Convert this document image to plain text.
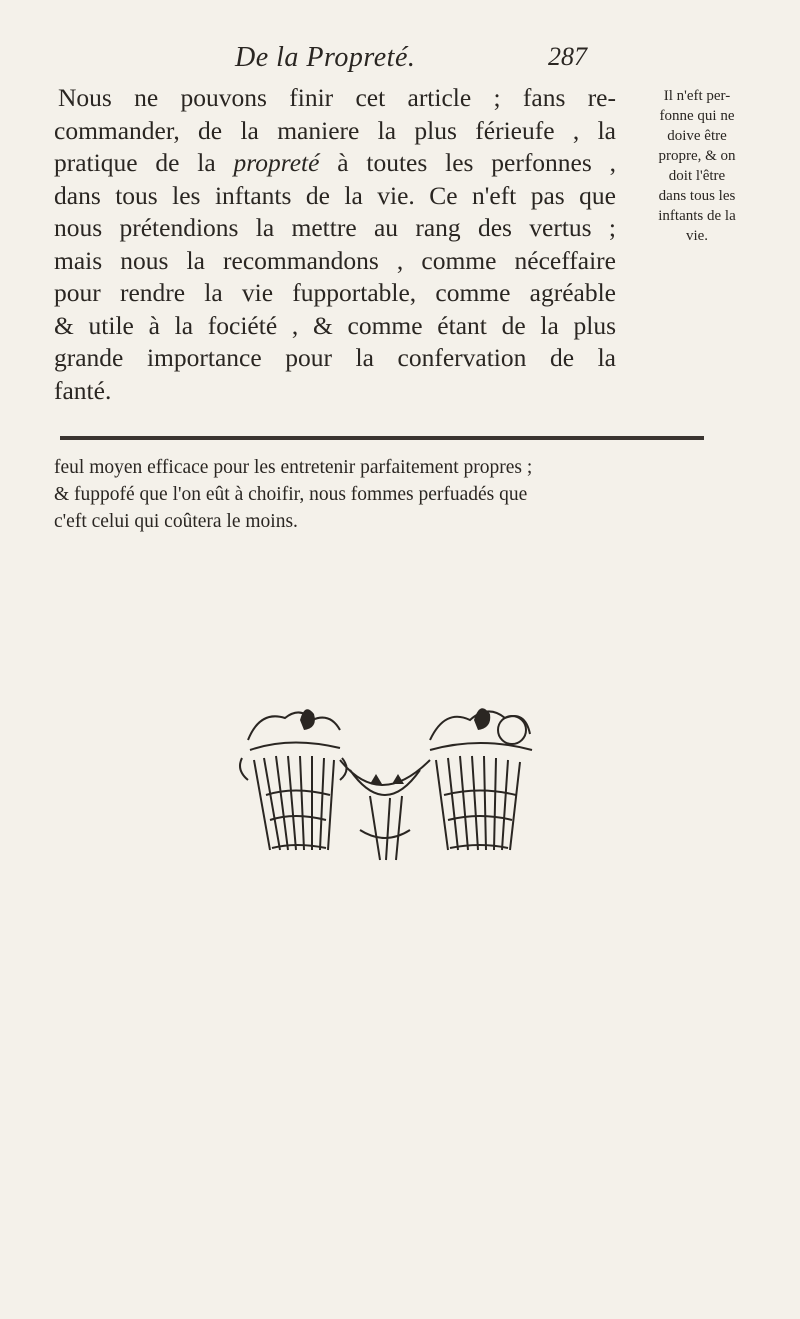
De la Propreté.	287
Nous ne pouvons finir cet article ; fans re-
commander, de la maniere la plus férieufe , la
pratique de la propreté à toutes les perfonnes ,
dans tous les inftants de la vie. Ce n'eft pas que
nous prétendions la mettre au rang des vertus ;
mais nous la recommandons , comme néceffaire
pour rendre la vie fupportable, comme agréable
& utile à la fociété , & comme étant de la plus
grande importance pour la confervation de la
fanté.
Il n'eft per-
fonne qui ne
doive être
propre, & on
doit l'être
dans tous les
inftants de la
vie.
feul moyen efficace pour les entretenir parfaitement propres ;
& fuppofé que l'on eût à choifir, nous fommes perfuadés que
c'eft celui qui coûtera le moins.
